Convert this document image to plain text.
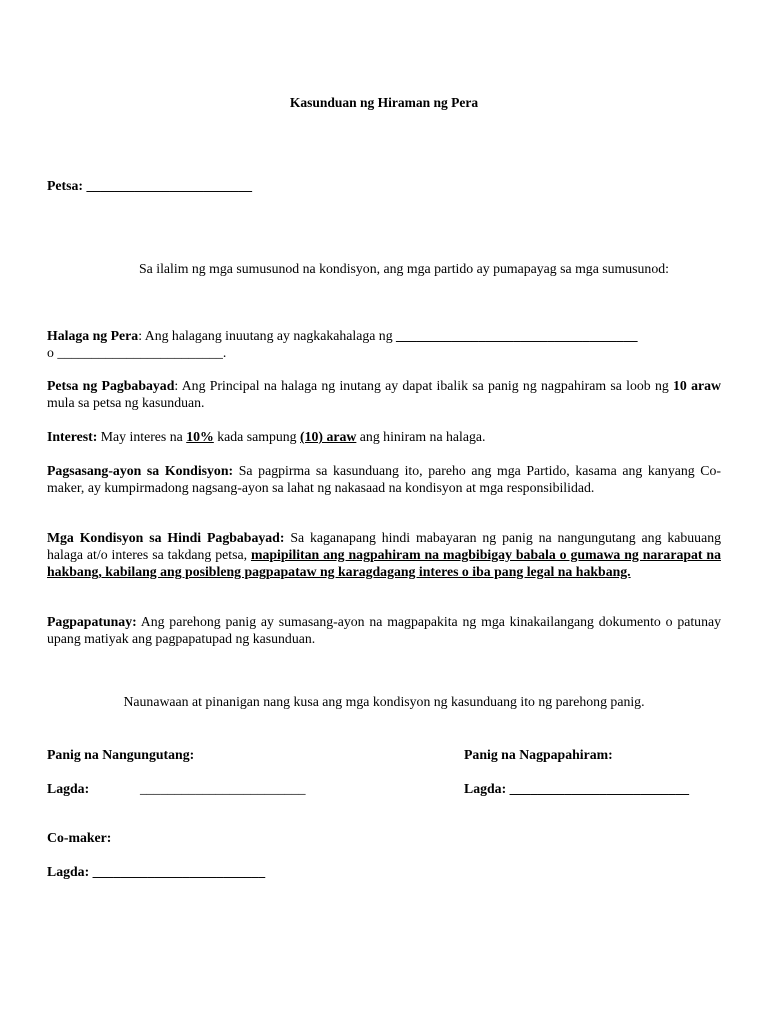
Kasunduan ng Hiraman ng Pera
Petsa: ________________________
Sa ilalim ng mga sumusunod na kondisyon, ang mga partido ay pumapayag sa mga sumusunod:
Halaga ng Pera: Ang halagang inuutang ay nagkakahalaga ng ___________________________________
o ________________________.
Petsa ng Pagbabayad: Ang Principal na halaga ng inutang ay dapat ibalik sa panig ng nagpahiram sa loob ng 10 araw mula sa petsa ng kasunduan.
Interest: May interes na 10% kada sampung (10) araw ang hiniram na halaga.
Pagsasang-ayon sa Kondisyon: Sa pagpirma sa kasunduang ito, pareho ang mga Partido, kasama ang kanyang Co-maker, ay kumpirmadong nagsang-ayon sa lahat ng nakasaad na kondisyon at mga responsibilidad.
Mga Kondisyon sa Hindi Pagbabayad: Sa kaganapang hindi mabayaran ng panig na nangungutang ang kabuuang halaga at/o interes sa takdang petsa, mapipilitan ang nagpahiram na magbibigay babala o gumawa ng nararapat na hakbang, kabilang ang posibleng pagpapataw ng karagdagang interes o iba pang legal na hakbang.
Pagpapatunay: Ang parehong panig ay sumasang-ayon na magpapakita ng mga kinakailangang dokumento o patunay upang matiyak ang pagpapatupad ng kasunduan.
Naunawaan at pinanigan nang kusa ang mga kondisyon ng kasunduang ito ng parehong panig.
Panig na Nangungutang:	Panig na Nagpapahiram:
Lagda:	________________________	Lagda: __________________________
Co-maker:
Lagda: _________________________
